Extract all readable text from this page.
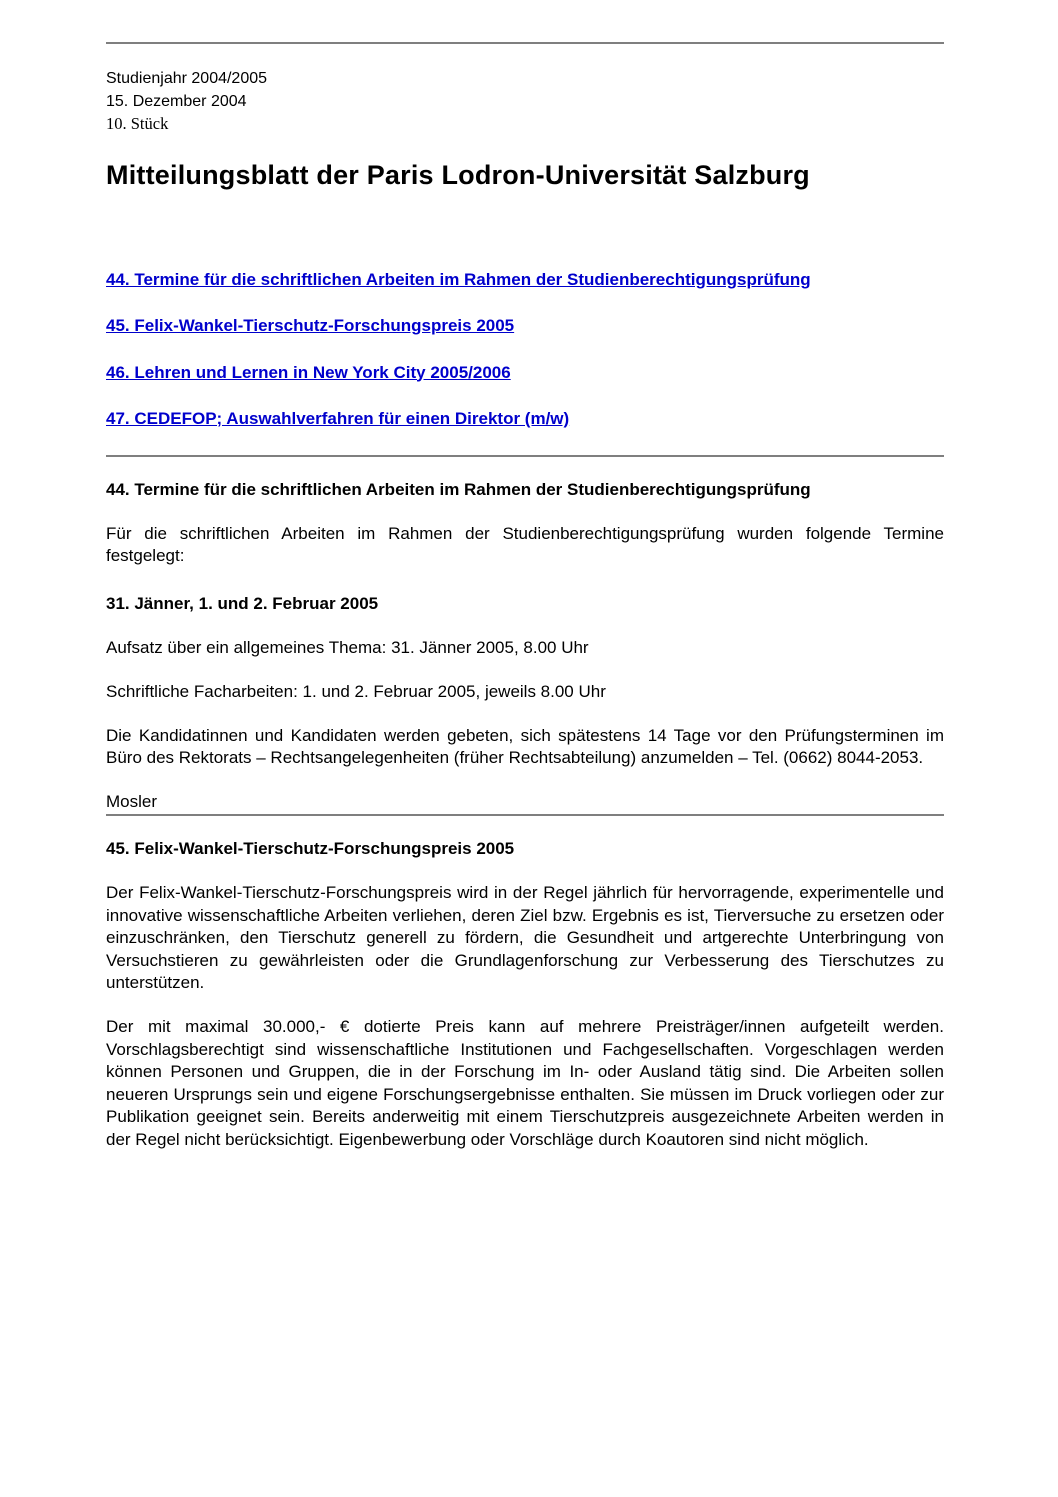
Studienjahr 2004/2005
15. Dezember 2004
10. Stück
Mitteilungsblatt der Paris Lodron-Universität Salzburg
44. Termine für die schriftlichen Arbeiten im Rahmen der Studienberechtigungsprüfung
45. Felix-Wankel-Tierschutz-Forschungspreis 2005
46. Lehren und Lernen in New York City 2005/2006
47. CEDEFOP; Auswahlverfahren für einen Direktor (m/w)
44. Termine für die schriftlichen Arbeiten im Rahmen der Studienberechtigungsprüfung

Für die schriftlichen Arbeiten im Rahmen der Studienberechtigungsprüfung wurden folgende Termine festgelegt:

31. Jänner, 1. und 2. Februar 2005

Aufsatz über ein allgemeines Thema: 31. Jänner 2005, 8.00 Uhr

Schriftliche Facharbeiten: 1. und 2. Februar 2005, jeweils 8.00 Uhr

Die Kandidatinnen und Kandidaten werden gebeten, sich spätestens 14 Tage vor den Prüfungsterminen im Büro des Rektorats – Rechtsangelegenheiten (früher Rechtsabteilung) anzumelden – Tel. (0662) 8044-2053.

Mosler

45. Felix-Wankel-Tierschutz-Forschungspreis 2005

Der Felix-Wankel-Tierschutz-Forschungspreis wird in der Regel jährlich für hervorragende, experimentelle und innovative wissenschaftliche Arbeiten verliehen, deren Ziel bzw. Ergebnis es ist, Tierversuche zu ersetzen oder einzuschränken, den Tierschutz generell zu fördern, die Gesundheit und artgerechte Unterbringung von Versuchstieren zu gewährleisten oder die Grundlagenforschung zur Verbesserung des Tierschutzes zu unterstützen.

Der mit maximal 30.000,- € dotierte Preis kann auf mehrere Preisträger/innen aufgeteilt werden. Vorschlagsberechtigt sind wissenschaftliche Institutionen und Fachgesellschaften. Vorgeschlagen werden können Personen und Gruppen, die in der Forschung im In- oder Ausland tätig sind. Die Arbeiten sollen neueren Ursprungs sein und eigene Forschungsergebnisse enthalten. Sie müssen im Druck vorliegen oder zur Publikation geeignet sein. Bereits anderweitig mit einem Tierschutzpreis ausgezeichnete Arbeiten werden in der Regel nicht berücksichtigt. Eigenbewerbung oder Vorschläge durch Koautoren sind nicht möglich.
